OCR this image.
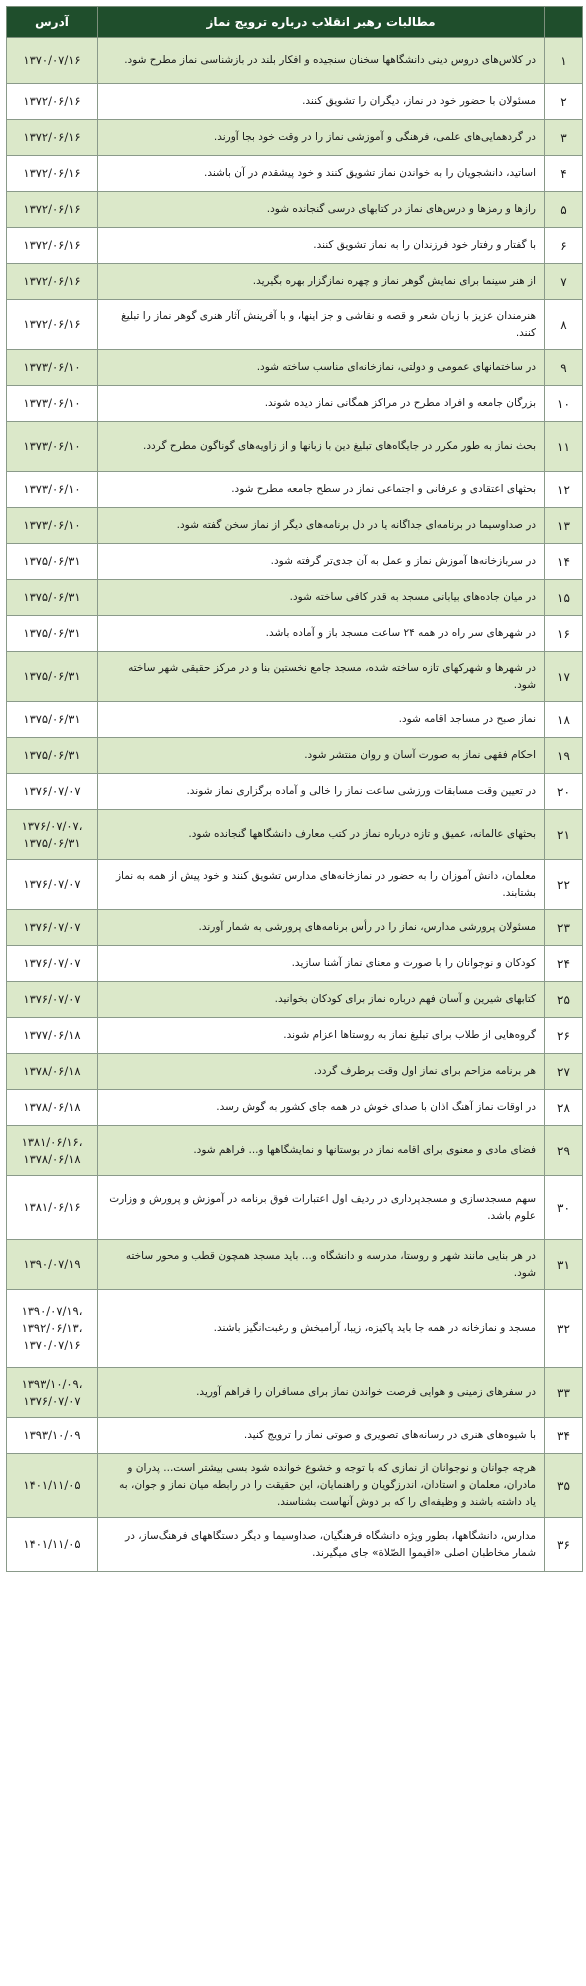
	مطالبات رهبر انقلاب درباره ترویج نماز	آدرس
۱	در کلاس‌های دروس دینی دانشگاهها سخنان سنجیده و افکار بلند در بازشناسی نماز مطرح شود.	۱۳۷۰/۰۷/۱۶
۲	مسئولان با حضور خود در نماز، دیگران را تشویق کنند.	۱۳۷۲/۰۶/۱۶
۳	در گردهمایی‌های علمی، فرهنگی و آموزشی نماز را در وقت خود بجا آورند.	۱۳۷۲/۰۶/۱۶
۴	اساتید، دانشجویان را به خواندن نماز تشویق کنند و خود پیشقدم در آن باشند.	۱۳۷۲/۰۶/۱۶
۵	رازها و رمزها و درس‌های نماز در کتابهای درسی گنجانده شود.	۱۳۷۲/۰۶/۱۶
۶	با گفتار و رفتار خود فرزندان را به نماز تشویق کنند.	۱۳۷۲/۰۶/۱۶
۷	از هنر سینما برای نمایش گوهر نماز و چهره نمازگزار بهره بگیرید.	۱۳۷۲/۰۶/۱۶
۸	هنرمندان عزیز با زبان شعر و قصه و نقاشی و جز اینها، و با آفرینش آثار هنری گوهر نماز را تبلیغ کنند.	۱۳۷۲/۰۶/۱۶
۹	در ساختمانهای عمومی و دولتی، نمازخانه‌ای مناسب ساخته شود.	۱۳۷۳/۰۶/۱۰
۱۰	بزرگان جامعه و افراد مطرح در مراکز همگانی نماز دیده شوند.	۱۳۷۳/۰۶/۱۰
۱۱	بحث نماز به طور مکرر در جایگاه‌های تبلیغ دین با زبانها و از زاویه‌های گوناگون مطرح گردد.	۱۳۷۳/۰۶/۱۰
۱۲	بحثهای اعتقادی و عرفانی و اجتماعی نماز در سطح جامعه مطرح شود.	۱۳۷۳/۰۶/۱۰
۱۳	در صداوسیما در برنامه‌ای جداگانه یا در دل برنامه‌های دیگر از نماز سخن گفته شود.	۱۳۷۳/۰۶/۱۰
۱۴	در سربازخانه‌ها آموزش نماز و عمل به آن جدی‌تر گرفته شود.	۱۳۷۵/۰۶/۳۱
۱۵	در میان جاده‌های بیابانی مسجد به قدر کافی ساخته شود.	۱۳۷۵/۰۶/۳۱
۱۶	در شهرهای سر راه در همه ۲۴ ساعت مسجد باز و آماده باشد.	۱۳۷۵/۰۶/۳۱
۱۷	در شهرها و شهرکهای تازه ساخته شده، مسجد جامع نخستین بنا و در مرکز حقیقی شهر ساخته شود.	۱۳۷۵/۰۶/۳۱
۱۸	نماز صبح در مساجد اقامه شود.	۱۳۷۵/۰۶/۳۱
۱۹	احکام فقهی نماز به صورت آسان و روان منتشر شود.	۱۳۷۵/۰۶/۳۱
۲۰	در تعیین وقت مسابقات ورزشی ساعت نماز را خالی و آماده برگزاری نماز شوند.	۱۳۷۶/۰۷/۰۷
۲۱	بحثهای عالمانه، عمیق و تازه درباره نماز در کتب معارف دانشگاهها گنجانده شود.	۱۳۷۶/۰۷/۰۷،
۱۳۷۵/۰۶/۳۱
۲۲	معلمان، دانش آموزان را به حضور در نمازخانه‌های مدارس تشویق کنند و خود پیش از همه به نماز بشتابند.	۱۳۷۶/۰۷/۰۷
۲۳	مسئولان پرورشی مدارس، نماز را در رأس برنامه‌های پرورشی به شمار آورند.	۱۳۷۶/۰۷/۰۷
۲۴	کودکان و نوجوانان را با صورت و معنای نماز آشنا سازید.	۱۳۷۶/۰۷/۰۷
۲۵	کتابهای شیرین و آسان فهم درباره نماز برای کودکان بخوانید.	۱۳۷۶/۰۷/۰۷
۲۶	گروه‌هایی از طلاب برای تبلیغ نماز به روستاها اعزام شوند.	۱۳۷۷/۰۶/۱۸
۲۷	هر برنامه مزاحم برای نماز اول وقت برطرف گردد.	۱۳۷۸/۰۶/۱۸
۲۸	در اوقات نماز آهنگ اذان با صدای خوش در همه جای کشور به گوش رسد.	۱۳۷۸/۰۶/۱۸
۲۹	فضای مادی و معنوی برای اقامه نماز در بوستانها و نمایشگاهها و... فراهم شود.	۱۳۸۱/۰۶/۱۶،
۱۳۷۸/۰۶/۱۸
۳۰	سهم مسجدسازی و مسجدپرداری در ردیف اول اعتبارات فوق برنامه در آموزش و پرورش و وزارت علوم باشد.	۱۳۸۱/۰۶/۱۶
۳۱	در هر بنایی مانند شهر و روستا، مدرسه و دانشگاه و... باید مسجد همچون قطب و محور ساخته شود.	۱۳۹۰/۰۷/۱۹
۳۲	مسجد و نمازخانه در همه جا باید پاکیزه، زیبا، آرامبخش و رغبت‌انگیز باشند.	۱۳۹۰/۰۷/۱۹،
۱۳۹۲/۰۶/۱۳،
۱۳۷۰/۰۷/۱۶
۳۳	در سفرهای زمینی و هوایی فرصت خواندن نماز برای مسافران را فراهم آورید.	۱۳۹۳/۱۰/۰۹،
۱۳۷۶/۰۷/۰۷
۳۴	با شیوه‌های هنری در رسانه‌های تصویری و صوتی نماز را ترویج کنید.	۱۳۹۳/۱۰/۰۹
۳۵	هرچه جوانان و نوجوانان از نمازی که با توجه و خشوع خوانده شود بسی بیشتر است... پدران و مادران، معلمان و استادان، اندرزگویان و راهنمایان، این حقیقت را در رابطه میان نماز و جوان، به یاد داشته باشند و وظیفه‌ای را که بر دوش آنهاست بشناسند.	۱۴۰۱/۱۱/۰۵
۳۶	مدارس، دانشگاهها، بطور ویژه دانشگاه فرهنگیان، صداوسیما و دیگر دستگاههای فرهنگ‌ساز، در شمار مخاطبان اصلی «اقیموا الصّلاة» جای میگیرند.	۱۴۰۱/۱۱/۰۵
